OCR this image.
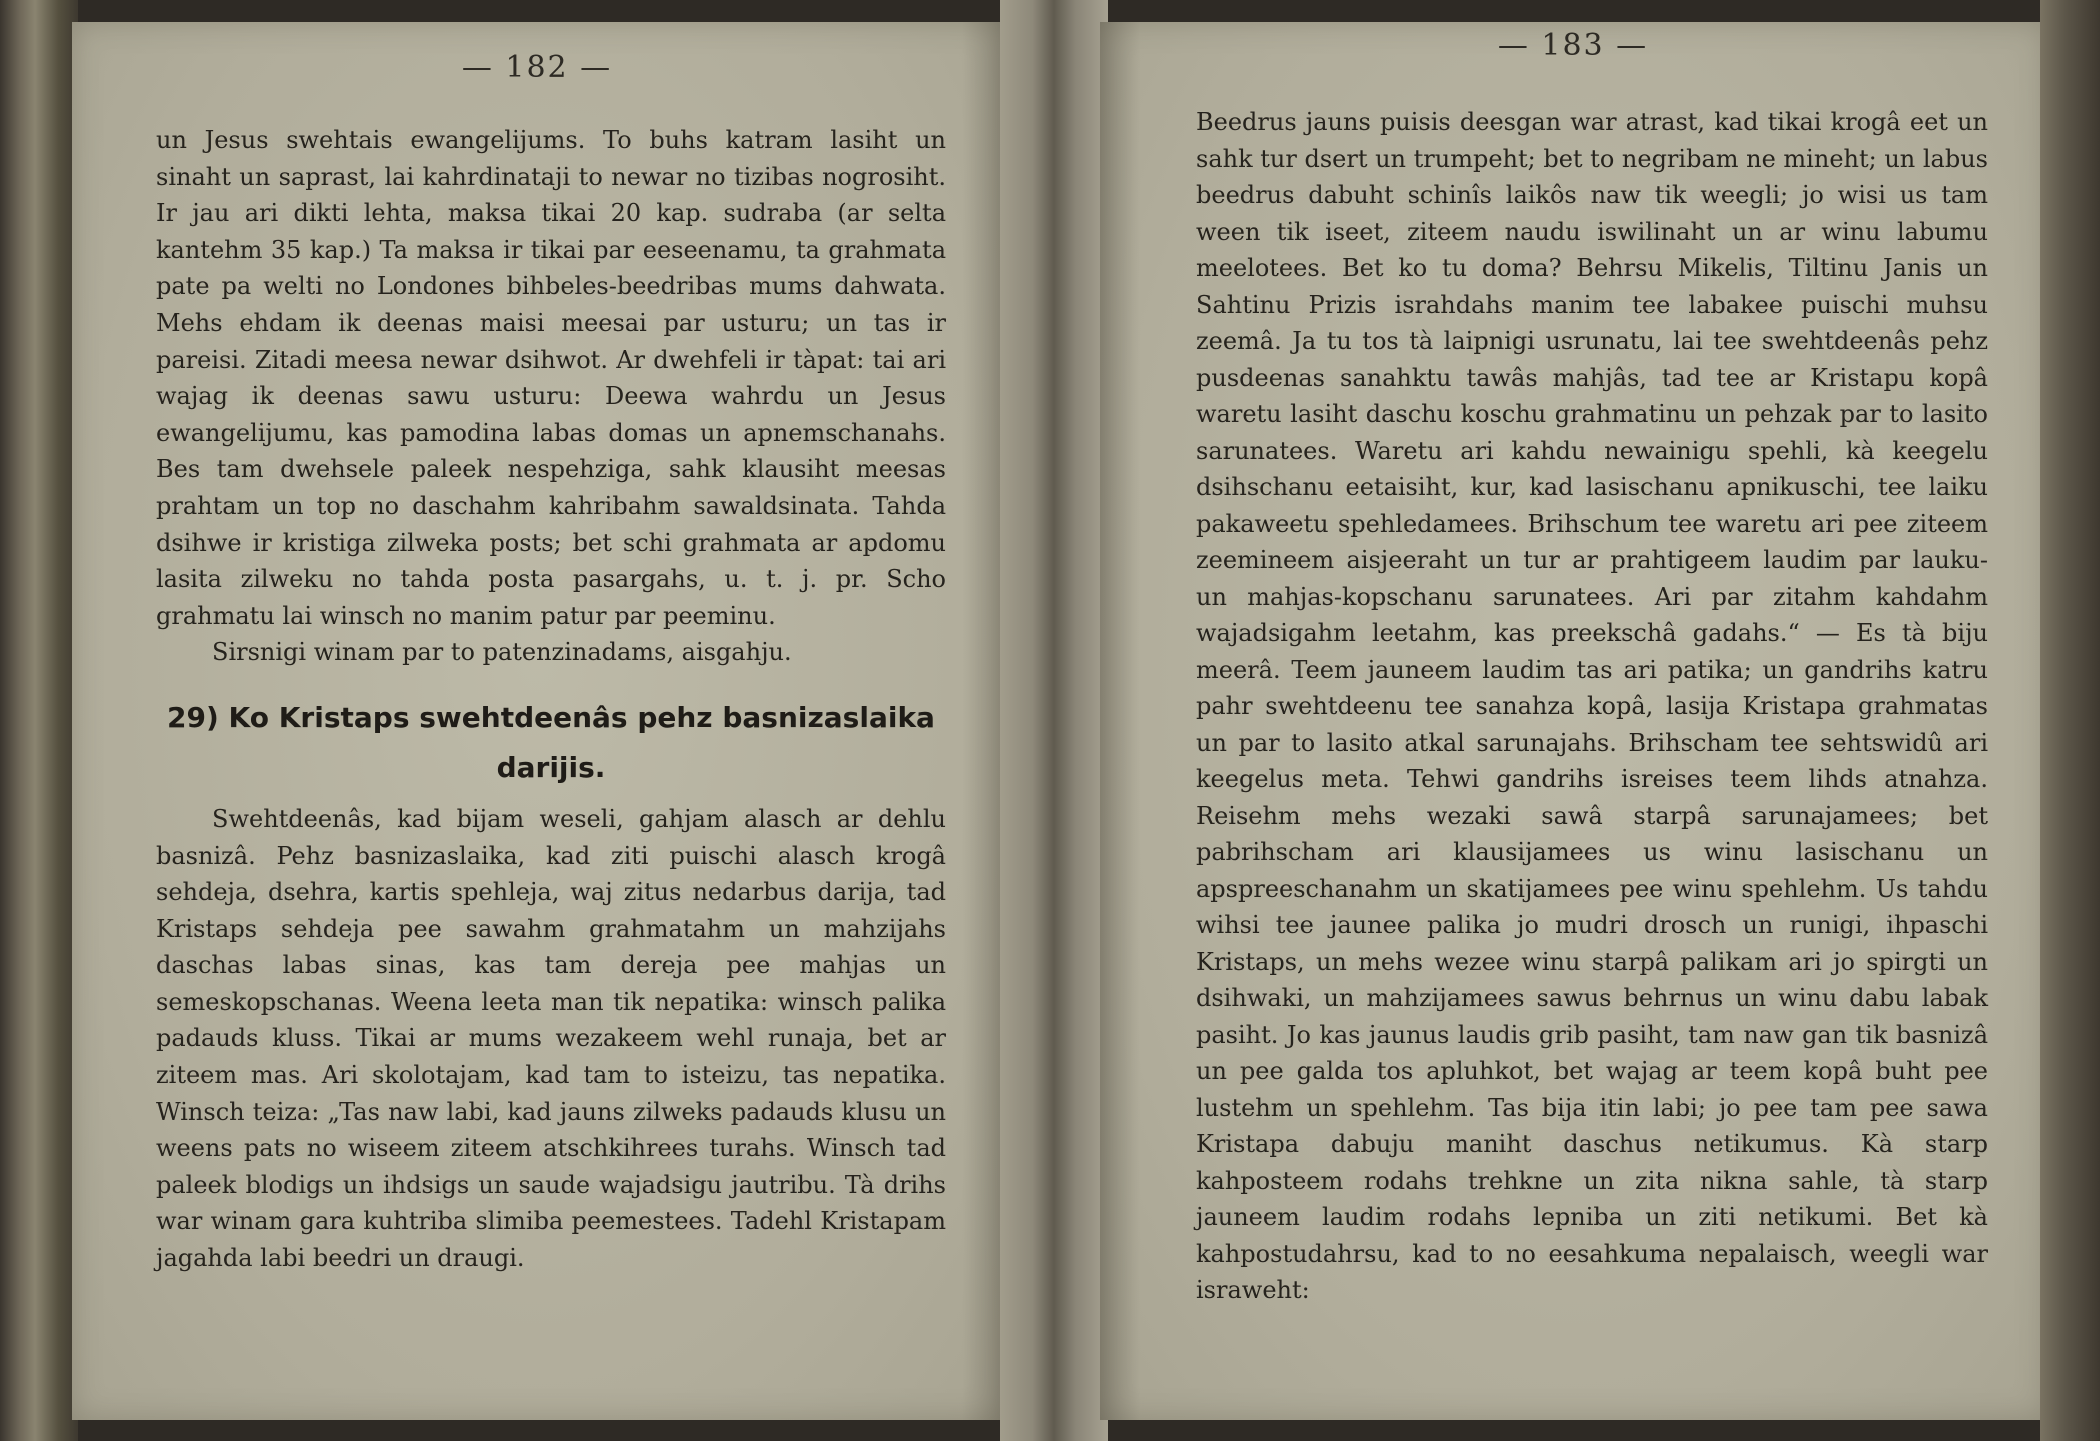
— 182 —

un Jesus swehtais ewangelijums. To buhs katram lasiht un sinaht un saprast, lai kahrdinataji to newar no tizibas nogrosiht. Ir jau ari dikti lehta, maksa tikai 20 kap. sudraba (ar selta kantehm 35 kap.) Ta maksa ir tikai par eeseenamu, ta grahmata pate pa welti no Londones bihbeles-beedribas mums dahwata. Mehs ehdam ik deenas maisi meesai par usturu; un tas ir pareisi. Zitadi meesa newar dsihwot. Ar dwehfeli ir tàpat: tai ari wajag ik deenas sawu usturu: Deewa wahrdu un Jesus ewangelijumu, kas pamodina labas domas un apnemschanahs. Bes tam dwehsele paleek nespehziga, sahk klausiht meesas prahtam un top no daschahm kahribahm sawaldsinata. Tahda dsihwe ir kristiga zilweka posts; bet schi grahmata ar apdomu lasita zilweku no tahda posta pasargahs, u. t. j. pr. Scho grahmatu lai winsch no manim patur par peeminu.

Sirsnigi winam par to patenzinadams, aisgahju.

29) Ko Kristaps swehtdeenâs pehz basnizaslaika darijis.

Swehtdeenâs, kad bijam weseli, gahjam alasch ar dehlu basnizâ. Pehz basnizaslaika, kad ziti puischi alasch krogâ sehdeja, dsehra, kartis spehleja, waj zitus nedarbus darija, tad Kristaps sehdeja pee sawahm grahmatahm un mahzijahs daschas labas sinas, kas tam dereja pee mahjas un semeskopschanas. Weena leeta man tik nepatika: winsch palika padauds kluss. Tikai ar mums wezakeem wehl runaja, bet ar ziteem mas. Ari skolotajam, kad tam to isteizu, tas nepatika. Winsch teiza: „Tas naw labi, kad jauns zilweks padauds klusu un weens pats no wiseem ziteem atschkihrees turahs. Winsch tad paleek blodigs un ihdsigs un saude wajadsigu jautribu. Tà drihs war winam gara kuhtriba slimiba peemestees. Tadehl Kristapam jagahda labi beedri un draugi.

— 183 —

Beedrus jauns puisis deesgan war atrast, kad tikai krogâ eet un sahk tur dsert un trumpeht; bet to negribam ne mineht; un labus beedrus dabuht schinîs laikôs naw tik weegli; jo wisi us tam ween tik iseet, ziteem naudu iswilinaht un ar winu labumu meelotees. Bet ko tu doma? Behrsu Mikelis, Tiltinu Janis un Sahtinu Prizis israhdahs manim tee labakee puischi muhsu zeemâ. Ja tu tos tà laipnigi usrunatu, lai tee swehtdeenâs pehz pusdeenas sanahktu tawâs mahjâs, tad tee ar Kristapu kopâ waretu lasiht daschu koschu grahmatinu un pehzak par to lasito sarunatees. Waretu ari kahdu newainigu spehli, kà keegelu dsihschanu eetaisiht, kur, kad lasischanu apnikuschi, tee laiku pakaweetu spehledamees. Brihschum tee waretu ari pee ziteem zeemineem aisjeeraht un tur ar prahtigeem laudim par lauku- un mahjas-kopschanu sarunatees. Ari par zitahm kahdahm wajadsigahm leetahm, kas preekschâ gadahs.“ — Es tà biju meerâ. Teem jauneem laudim tas ari patika; un gandrihs katru pahr swehtdeenu tee sanahza kopâ, lasija Kristapa grahmatas un par to lasito atkal sarunajahs. Brihscham tee sehtswidû ari keegelus meta. Tehwi gandrihs isreises teem lihds atnahza. Reisehm mehs wezaki sawâ starpâ sarunajamees; bet pabrihscham ari klausijamees us winu lasischanu un apspreeschanahm un skatijamees pee winu spehlehm. Us tahdu wihsi tee jaunee palika jo mudri drosch un runigi, ihpaschi Kristaps, un mehs wezee winu starpâ palikam ari jo spirgti un dsihwaki, un mahzijamees sawus behrnus un winu dabu labak pasiht. Jo kas jaunus laudis grib pasiht, tam naw gan tik basnizâ un pee galda tos apluhkot, bet wajag ar teem kopâ buht pee lustehm un spehlehm. Tas bija itin labi; jo pee tam pee sawa Kristapa dabuju maniht daschus netikumus. Kà starp kahposteem rodahs trehkne un zita nikna sahle, tà starp jauneem laudim rodahs lepniba un ziti netikumi. Bet kà kahpostudahrsu, kad to no eesahkuma nepalaisch, weegli war israweht:
